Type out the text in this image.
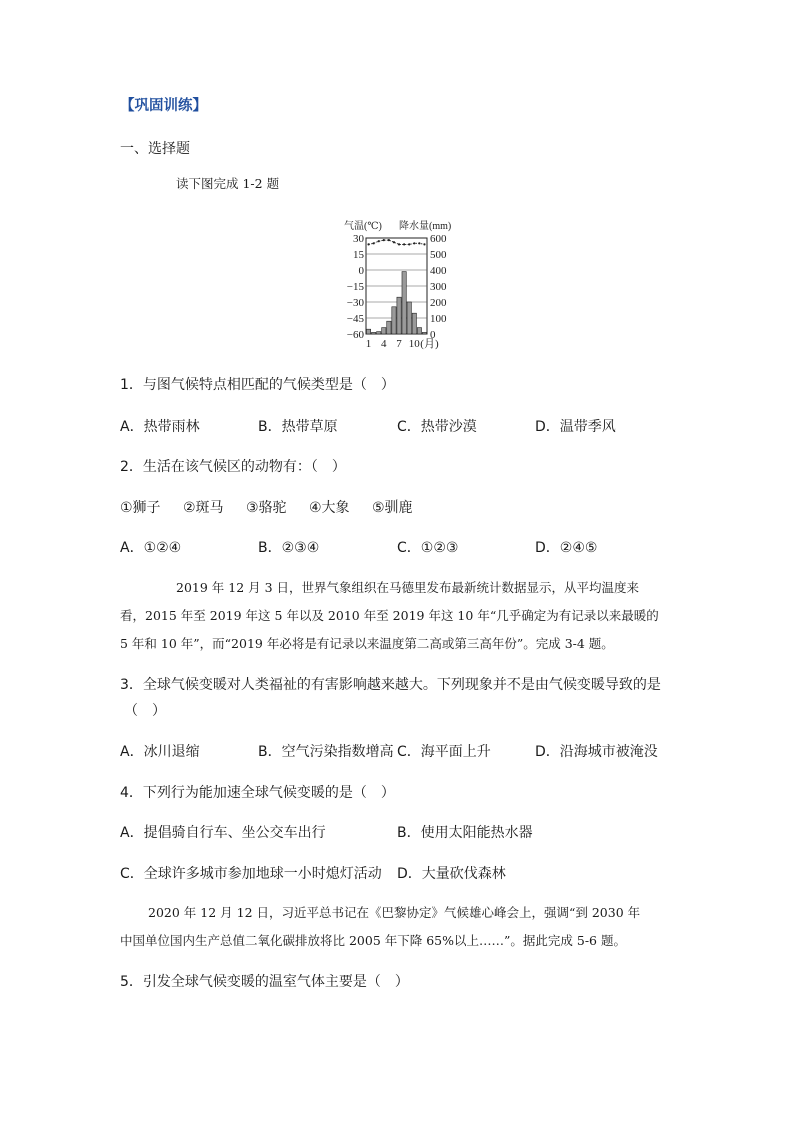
【巩固训练】
一、选择题
读下图完成 1-2 题
气温(℃) 降水量(mm)
30
15
0
−15
−30
−45
−60
600
500
400
300
200
100
0
1 4 7 10 (月)
1．与图气候特点相匹配的气候类型是（　）
A．热带雨林	B．热带草原	C．热带沙漠	D．温带季风
2．生活在该气候区的动物有：（　）
①狮子 ②斑马 ③骆驼 ④大象 ⑤驯鹿
A．①②④	B．②③④	C．①②③	D．②④⑤
2019 年 12 月 3 日，世界气象组织在马德里发布最新统计数据显示，从平均温度来
看，2015 年至 2019 年这 5 年以及 2010 年至 2019 年这 10 年“几乎确定为有记录以来最暖的
5 年和 10 年”，而“2019 年必将是有记录以来温度第二高或第三高年份”。完成 3-4 题。
3．全球气候变暖对人类福祉的有害影响越来越大。下列现象并不是由气候变暖导致的是
（　）
A．冰川退缩	B．空气污染指数增高 C．海平面上升	D．沿海城市被淹没
4．下列行为能加速全球气候变暖的是（　）
A．提倡骑自行车、坐公交车出行	B．使用太阳能热水器
C．全球许多城市参加地球一小时熄灯活动 D．大量砍伐森林
2020 年 12 月 12 日，习近平总书记在《巴黎协定》气候雄心峰会上，强调“到 2030 年
中国单位国内生产总值二氧化碳排放将比 2005 年下降 65%以上……”。据此完成 5-6 题。
5．引发全球气候变暖的温室气体主要是（　）
